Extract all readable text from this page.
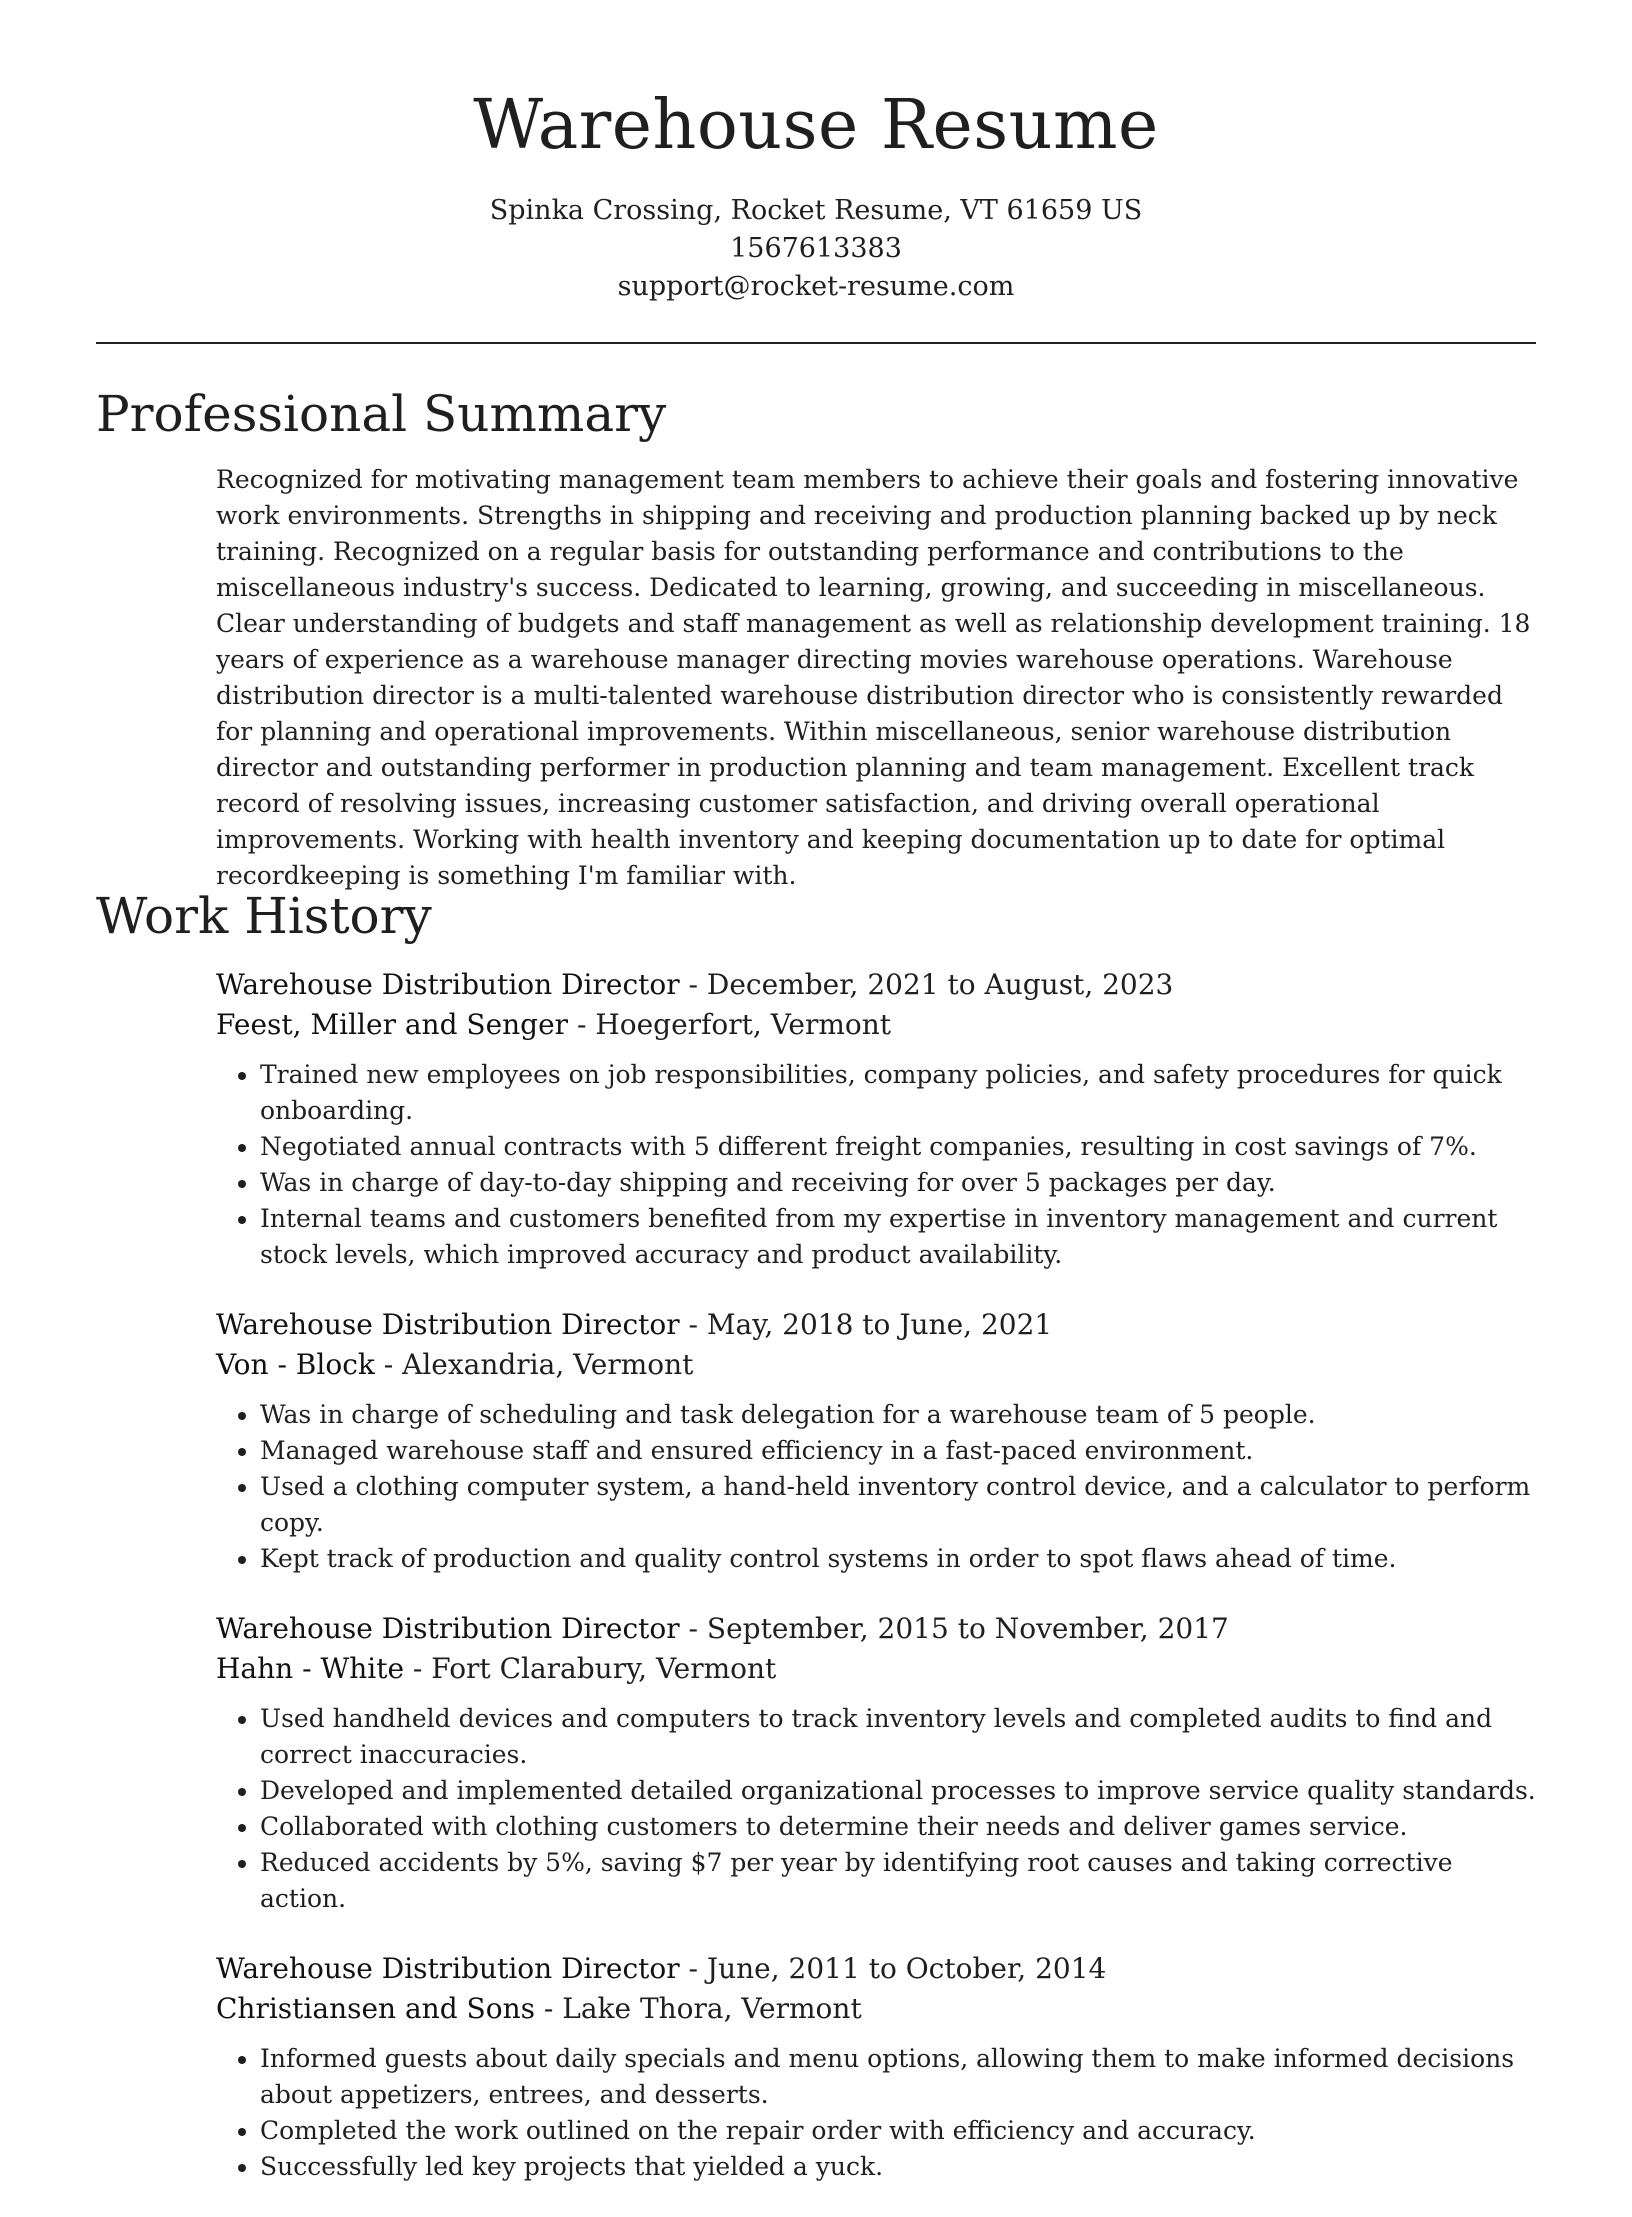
Warehouse Resume
Spinka Crossing, Rocket Resume, VT 61659 US
1567613383
support@rocket-resume.com
Professional Summary

Recognized for motivating management team members to achieve their goals and fostering innovative work environments. Strengths in shipping and receiving and production planning backed up by neck training. Recognized on a regular basis for outstanding performance and contributions to the miscellaneous industry's success. Dedicated to learning, growing, and succeeding in miscellaneous. Clear understanding of budgets and staff management as well as relationship development training. 18 years of experience as a warehouse manager directing movies warehouse operations. Warehouse distribution director is a multi-talented warehouse distribution director who is consistently rewarded for planning and operational improvements. Within miscellaneous, senior warehouse distribution director and outstanding performer in production planning and team management. Excellent track record of resolving issues, increasing customer satisfaction, and driving overall operational improvements. Working with health inventory and keeping documentation up to date for optimal recordkeeping is something I'm familiar with.

Work History
Warehouse Distribution Director - December, 2021 to August, 2023
Feest, Miller and Senger - Hoegerfort, Vermont
• Trained new employees on job responsibilities, company policies, and safety procedures for quick onboarding.
• Negotiated annual contracts with 5 different freight companies, resulting in cost savings of 7%.
• Was in charge of day-to-day shipping and receiving for over 5 packages per day.
• Internal teams and customers benefited from my expertise in inventory management and current stock levels, which improved accuracy and product availability.
Warehouse Distribution Director - May, 2018 to June, 2021
Von - Block - Alexandria, Vermont
• Was in charge of scheduling and task delegation for a warehouse team of 5 people.
• Managed warehouse staff and ensured efficiency in a fast-paced environment.
• Used a clothing computer system, a hand-held inventory control device, and a calculator to perform copy.
• Kept track of production and quality control systems in order to spot flaws ahead of time.
Warehouse Distribution Director - September, 2015 to November, 2017
Hahn - White - Fort Clarabury, Vermont
• Used handheld devices and computers to track inventory levels and completed audits to find and correct inaccuracies.
• Developed and implemented detailed organizational processes to improve service quality standards.
• Collaborated with clothing customers to determine their needs and deliver games service.
• Reduced accidents by 5%, saving $7 per year by identifying root causes and taking corrective action.
Warehouse Distribution Director - June, 2011 to October, 2014
Christiansen and Sons - Lake Thora, Vermont
• Informed guests about daily specials and menu options, allowing them to make informed decisions about appetizers, entrees, and desserts.
• Completed the work outlined on the repair order with efficiency and accuracy.
• Successfully led key projects that yielded a yuck.
